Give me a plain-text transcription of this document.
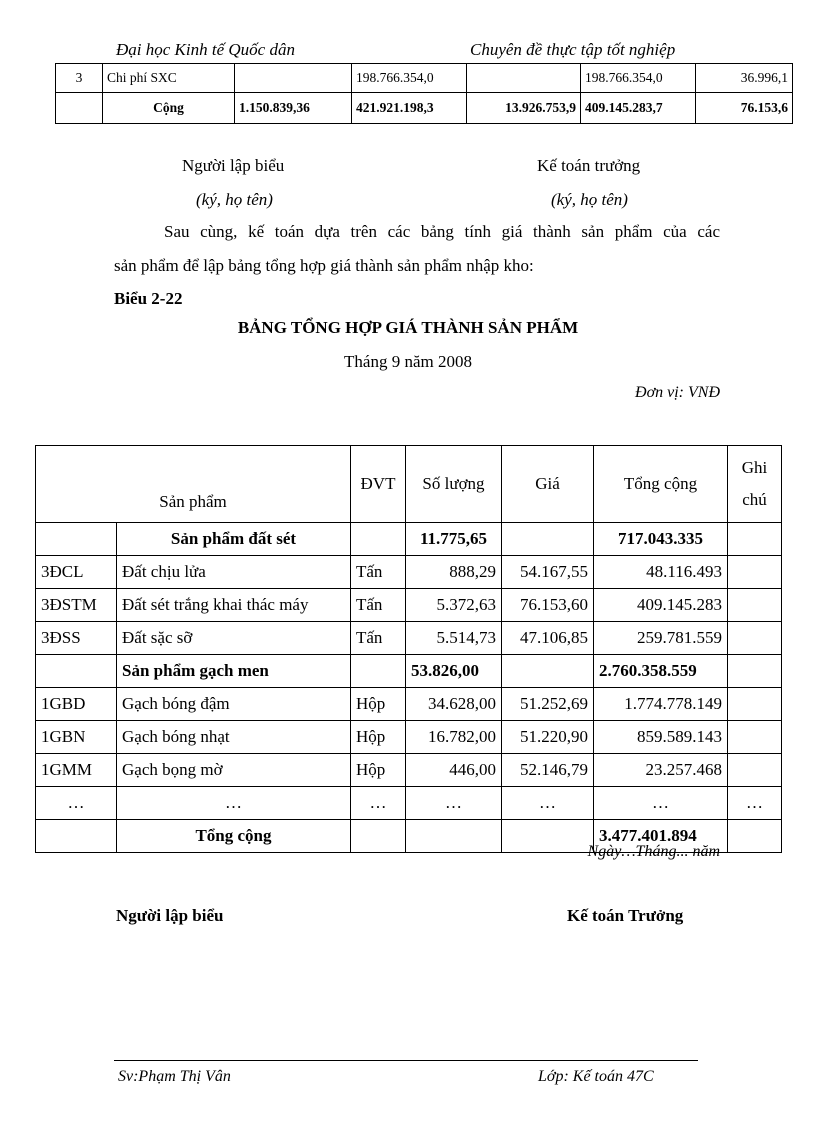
Đại học Kinh tế Quốc dân	Chuyên đề thực tập tốt nghiệp
3	Chi phí SXC		198.766.354,0		198.766.354,0	36.996,1
	Cộng	1.150.839,36	421.921.198,3	13.926.753,9	409.145.283,7	76.153,6
Người lập biểu
(ký, họ tên)
Kế toán trưởng
(ký, họ tên)
Sau cùng, kế toán dựa trên các bảng tính giá thành sản phẩm của các
sản phẩm để lập bảng tổng hợp giá thành sản phẩm nhập kho:
Biểu 2-22
BẢNG TỔNG HỢP GIÁ THÀNH SẢN PHẨM
Tháng 9 năm 2008
Đơn vị: VNĐ
Sản phẩm		ĐVT	Số lượng	Giá	Tổng cộng	Ghi
chú

	Sản phẩm đất sét		11.775,65		717.043.335	
3ĐCL	Đất chịu lửa	Tấn	888,29	54.167,55	48.116.493	
3ĐSTM	Đất sét trắng khai thác máy	Tấn	5.372,63	76.153,60	409.145.283	
3ĐSS	Đất sặc sỡ	Tấn	5.514,73	47.106,85	259.781.559	
	Sản phẩm gạch men		53.826,00		2.760.358.559	
1GBD	Gạch bóng đậm	Hộp	34.628,00	51.252,69	1.774.778.149	
1GBN	Gạch bóng nhạt	Hộp	16.782,00	51.220,90	859.589.143	
1GMM	Gạch bọng mờ	Hộp	446,00	52.146,79	23.257.468	
…	…	…	…	…	…	…
	Tổng cộng				3.477.401.894	
Ngày…Tháng... năm
Người lập biểu	Kế toán Trưởng
Sv:Phạm Thị Vân	Lớp: Kế toán 47C
